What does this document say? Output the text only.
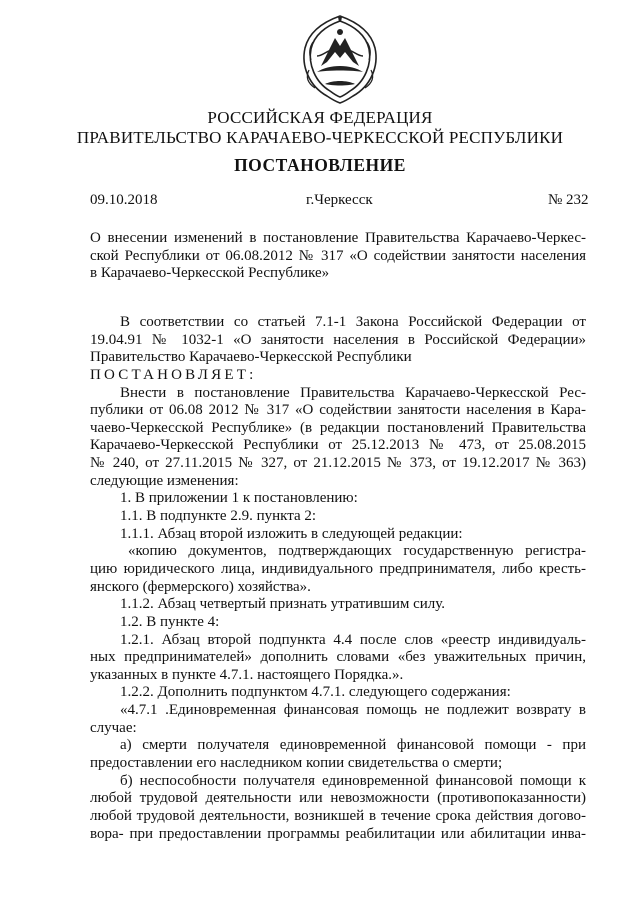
РОССИЙСКАЯ ФЕДЕРАЦИЯ
ПРАВИТЕЛЬСТВО КАРАЧАЕВО-ЧЕРКЕССКОЙ РЕСПУБЛИКИ
ПОСТАНОВЛЕНИЕ
09.10.2018	г.Черкесск	№ 232
О внесении изменений в постановление Правительства Карачаево-Черкес-
ской Республики от 06.08.2012 № 317 «О содействии занятости населения
в Карачаево-Черкесской Республике»
В соответствии со статьей 7.1-1 Закона Российской Федерации от
19.04.91 № 1032-1 «О занятости населения в Российской Федерации»
Правительство Карачаево-Черкесской Республики
ПОСТАНОВЛЯЕТ:
Внести в постановление Правительства Карачаево-Черкесской Рес-
публики от 06.08 2012 № 317 «О содействии занятости населения в Кара-
чаево-Черкесской Республике» (в редакции постановлений Правительства
Карачаево-Черкесской Республики от 25.12.2013 № 473, от 25.08.2015
№ 240, от 27.11.2015 № 327, от 21.12.2015 № 373, от 19.12.2017 № 363)
следующие изменения:
1. В приложении 1 к постановлению:
1.1. В подпункте 2.9. пункта 2:
1.1.1. Абзац второй изложить в следующей редакции:
«копию документов, подтверждающих государственную регистра-
цию юридического лица, индивидуального предпринимателя, либо кресть-
янского (фермерского) хозяйства».
1.1.2. Абзац четвертый признать утратившим силу.
1.2. В пункте 4:
1.2.1. Абзац второй подпункта 4.4 после слов «реестр индивидуаль-
ных предпринимателей» дополнить словами «без уважительных причин,
указанных в пункте 4.7.1. настоящего Порядка.».
1.2.2. Дополнить подпунктом 4.7.1. следующего содержания:
«4.7.1 .Единовременная финансовая помощь не подлежит возврату в
случае:
а) смерти получателя единовременной финансовой помощи - при
предоставлении его наследником копии свидетельства о смерти;
б) неспособности получателя единовременной финансовой помощи к
любой трудовой деятельности или невозможности (противопоказанности)
любой трудовой деятельности, возникшей в течение срока действия догово-
вора- при предоставлении программы реабилитации или абилитации инва-
